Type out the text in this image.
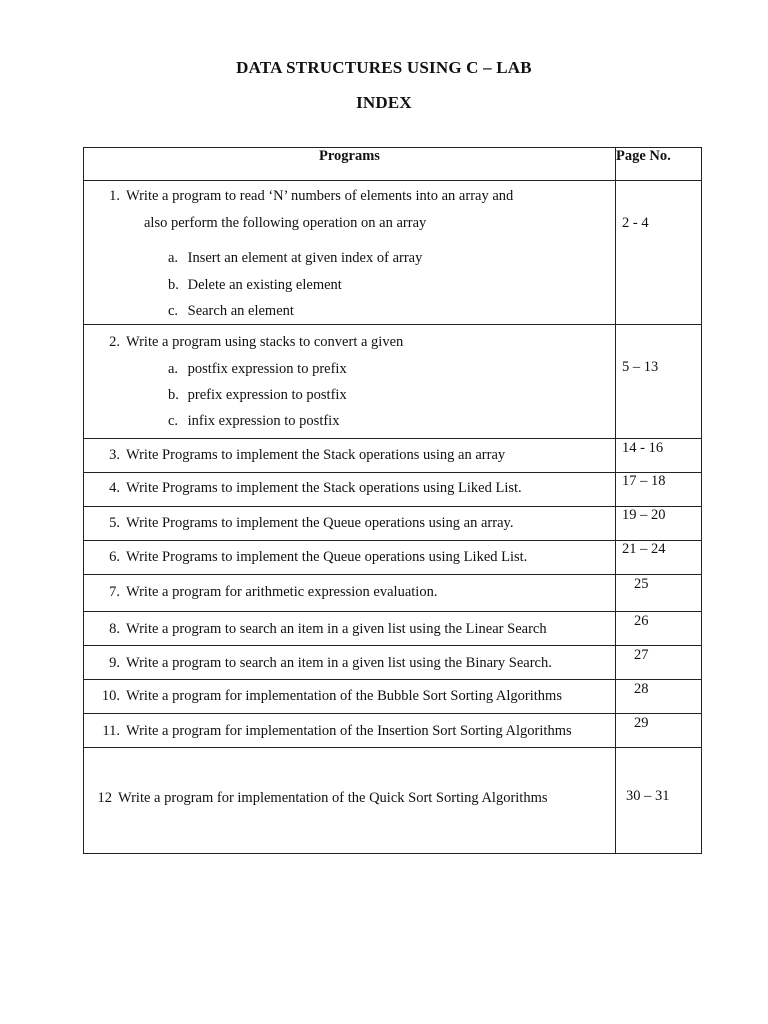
DATA STRUCTURES USING C – LAB
INDEX
Programs	Page No.

1. Write a program to read ‘N’ numbers of elements into an array and
also perform the following operation on an array
a. Insert an element at given index of array
b. Delete an existing element
c. Search an element	2 - 4

2. Write a program using stacks to convert a given
a. postfix expression to prefix
b. prefix expression to postfix
c. infix expression to postfix	5 – 13

3. Write Programs to implement the Stack operations using an array	14 - 16

4. Write Programs to implement the Stack operations using Liked List.	17 – 18

5. Write Programs to implement the Queue operations using an array.	19 – 20

6. Write Programs to implement the Queue operations using Liked List.	21 – 24

7. Write a program for arithmetic expression evaluation.	25

8. Write a program to search an item in a given list using the Linear Search	26

9. Write a program to search an item in a given list using the Binary Search.	27

10. Write a program for implementation of the Bubble Sort Sorting Algorithms	28

11. Write a program for implementation of the Insertion Sort Sorting Algorithms	29

12 Write a program for implementation of the Quick Sort Sorting Algorithms	30 – 31
